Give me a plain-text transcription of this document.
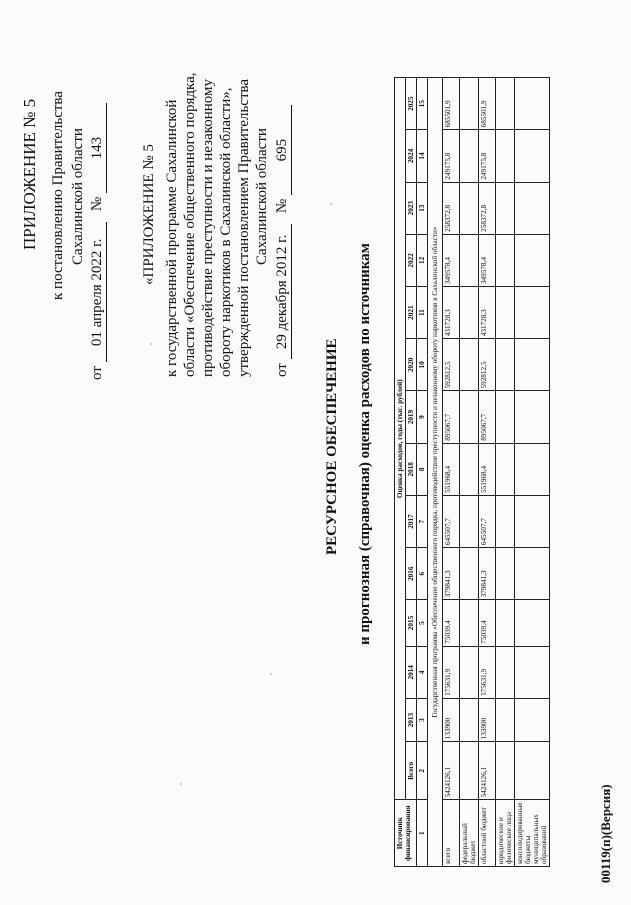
ПРИЛОЖЕНИЕ № 5 к постановлению Правительства Сахалинской области
от 01 апреля 2022 г.   № 143 «ПРИЛОЖЕНИЕ № 5 к государственной программе Сахалинской области «Обеспечение общественного порядка, противодействие преступности и незаконному обороту наркотиков в Сахалинской области», утвержденной постановлением Правительства Сахалинской области
от 29 декабря 2012 г.   № 695
РЕСУРСНОЕ ОБЕСПЕЧЕНИЕ и прогнозная (справочная) оценка расходов по источникам
Источник финансирования	Оценка расходов, годы (тыс. рублей)													
	Всего	2013	2014	2015	2016	2017	2018	2019	2020	2021	2022	2023	2024	2025
1	2	3	4	5	6	7	8	9	10	11	12	13	14	15
Государственная программа «Обеспечение общественного порядка, противодействие преступности и незаконному обороту наркотиков в Сахалинской области»														
всего	5424126,1	133900	175631,9	75039,4	379841,3	645507,7	551968,4	895067,7	592812,5	431728,3	349578,4	258372,8	249175,8	685501,9
федеральный бюджет														
областной бюджет	5424126,1	133900	175631,9	75039,4	379841,3	645507,7	551968,4	895067,7	592812,5	431728,3	349578,4	258372,8	249175,8	685501,9
юридические и физические лица														
консолидированные бюджеты муниципальных образований															00119(п)(Версия)
